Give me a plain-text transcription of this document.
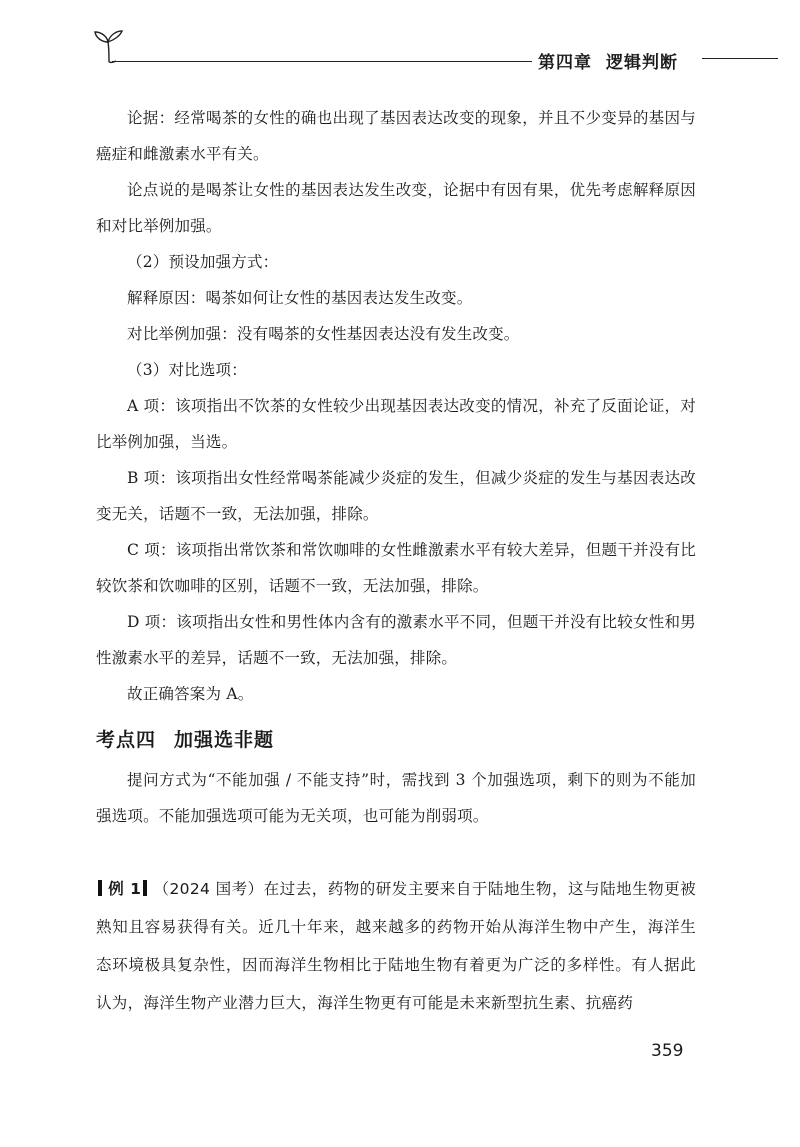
第四章 逻辑判断

论据：经常喝茶的女性的确也出现了基因表达改变的现象，并且不少变异的基因与癌症和雌激素水平有关。

论点说的是喝茶让女性的基因表达发生改变，论据中有因有果，优先考虑解释原因和对比举例加强。

（2）预设加强方式：

解释原因：喝茶如何让女性的基因表达发生改变。

对比举例加强：没有喝茶的女性基因表达没有发生改变。

（3）对比选项：

A 项：该项指出不饮茶的女性较少出现基因表达改变的情况，补充了反面论证，对比举例加强，当选。

B 项：该项指出女性经常喝茶能减少炎症的发生，但减少炎症的发生与基因表达改变无关，话题不一致，无法加强，排除。

C 项：该项指出常饮茶和常饮咖啡的女性雌激素水平有较大差异，但题干并没有比较饮茶和饮咖啡的区别，话题不一致，无法加强，排除。

D 项：该项指出女性和男性体内含有的激素水平不同，但题干并没有比较女性和男性激素水平的差异，话题不一致，无法加强，排除。

故正确答案为 A。

考点四 加强选非题

提问方式为“不能加强 / 不能支持”时，需找到 3 个加强选项，剩下的则为不能加强选项。不能加强选项可能为无关项，也可能为削弱项。

例 1 （2024 国考）在过去，药物的研发主要来自于陆地生物，这与陆地生物更被熟知且容易获得有关。近几十年来，越来越多的药物开始从海洋生物中产生，海洋生态环境极具复杂性，因而海洋生物相比于陆地生物有着更为广泛的多样性。有人据此认为，海洋生物产业潜力巨大，海洋生物更有可能是未来新型抗生素、抗癌药

359
